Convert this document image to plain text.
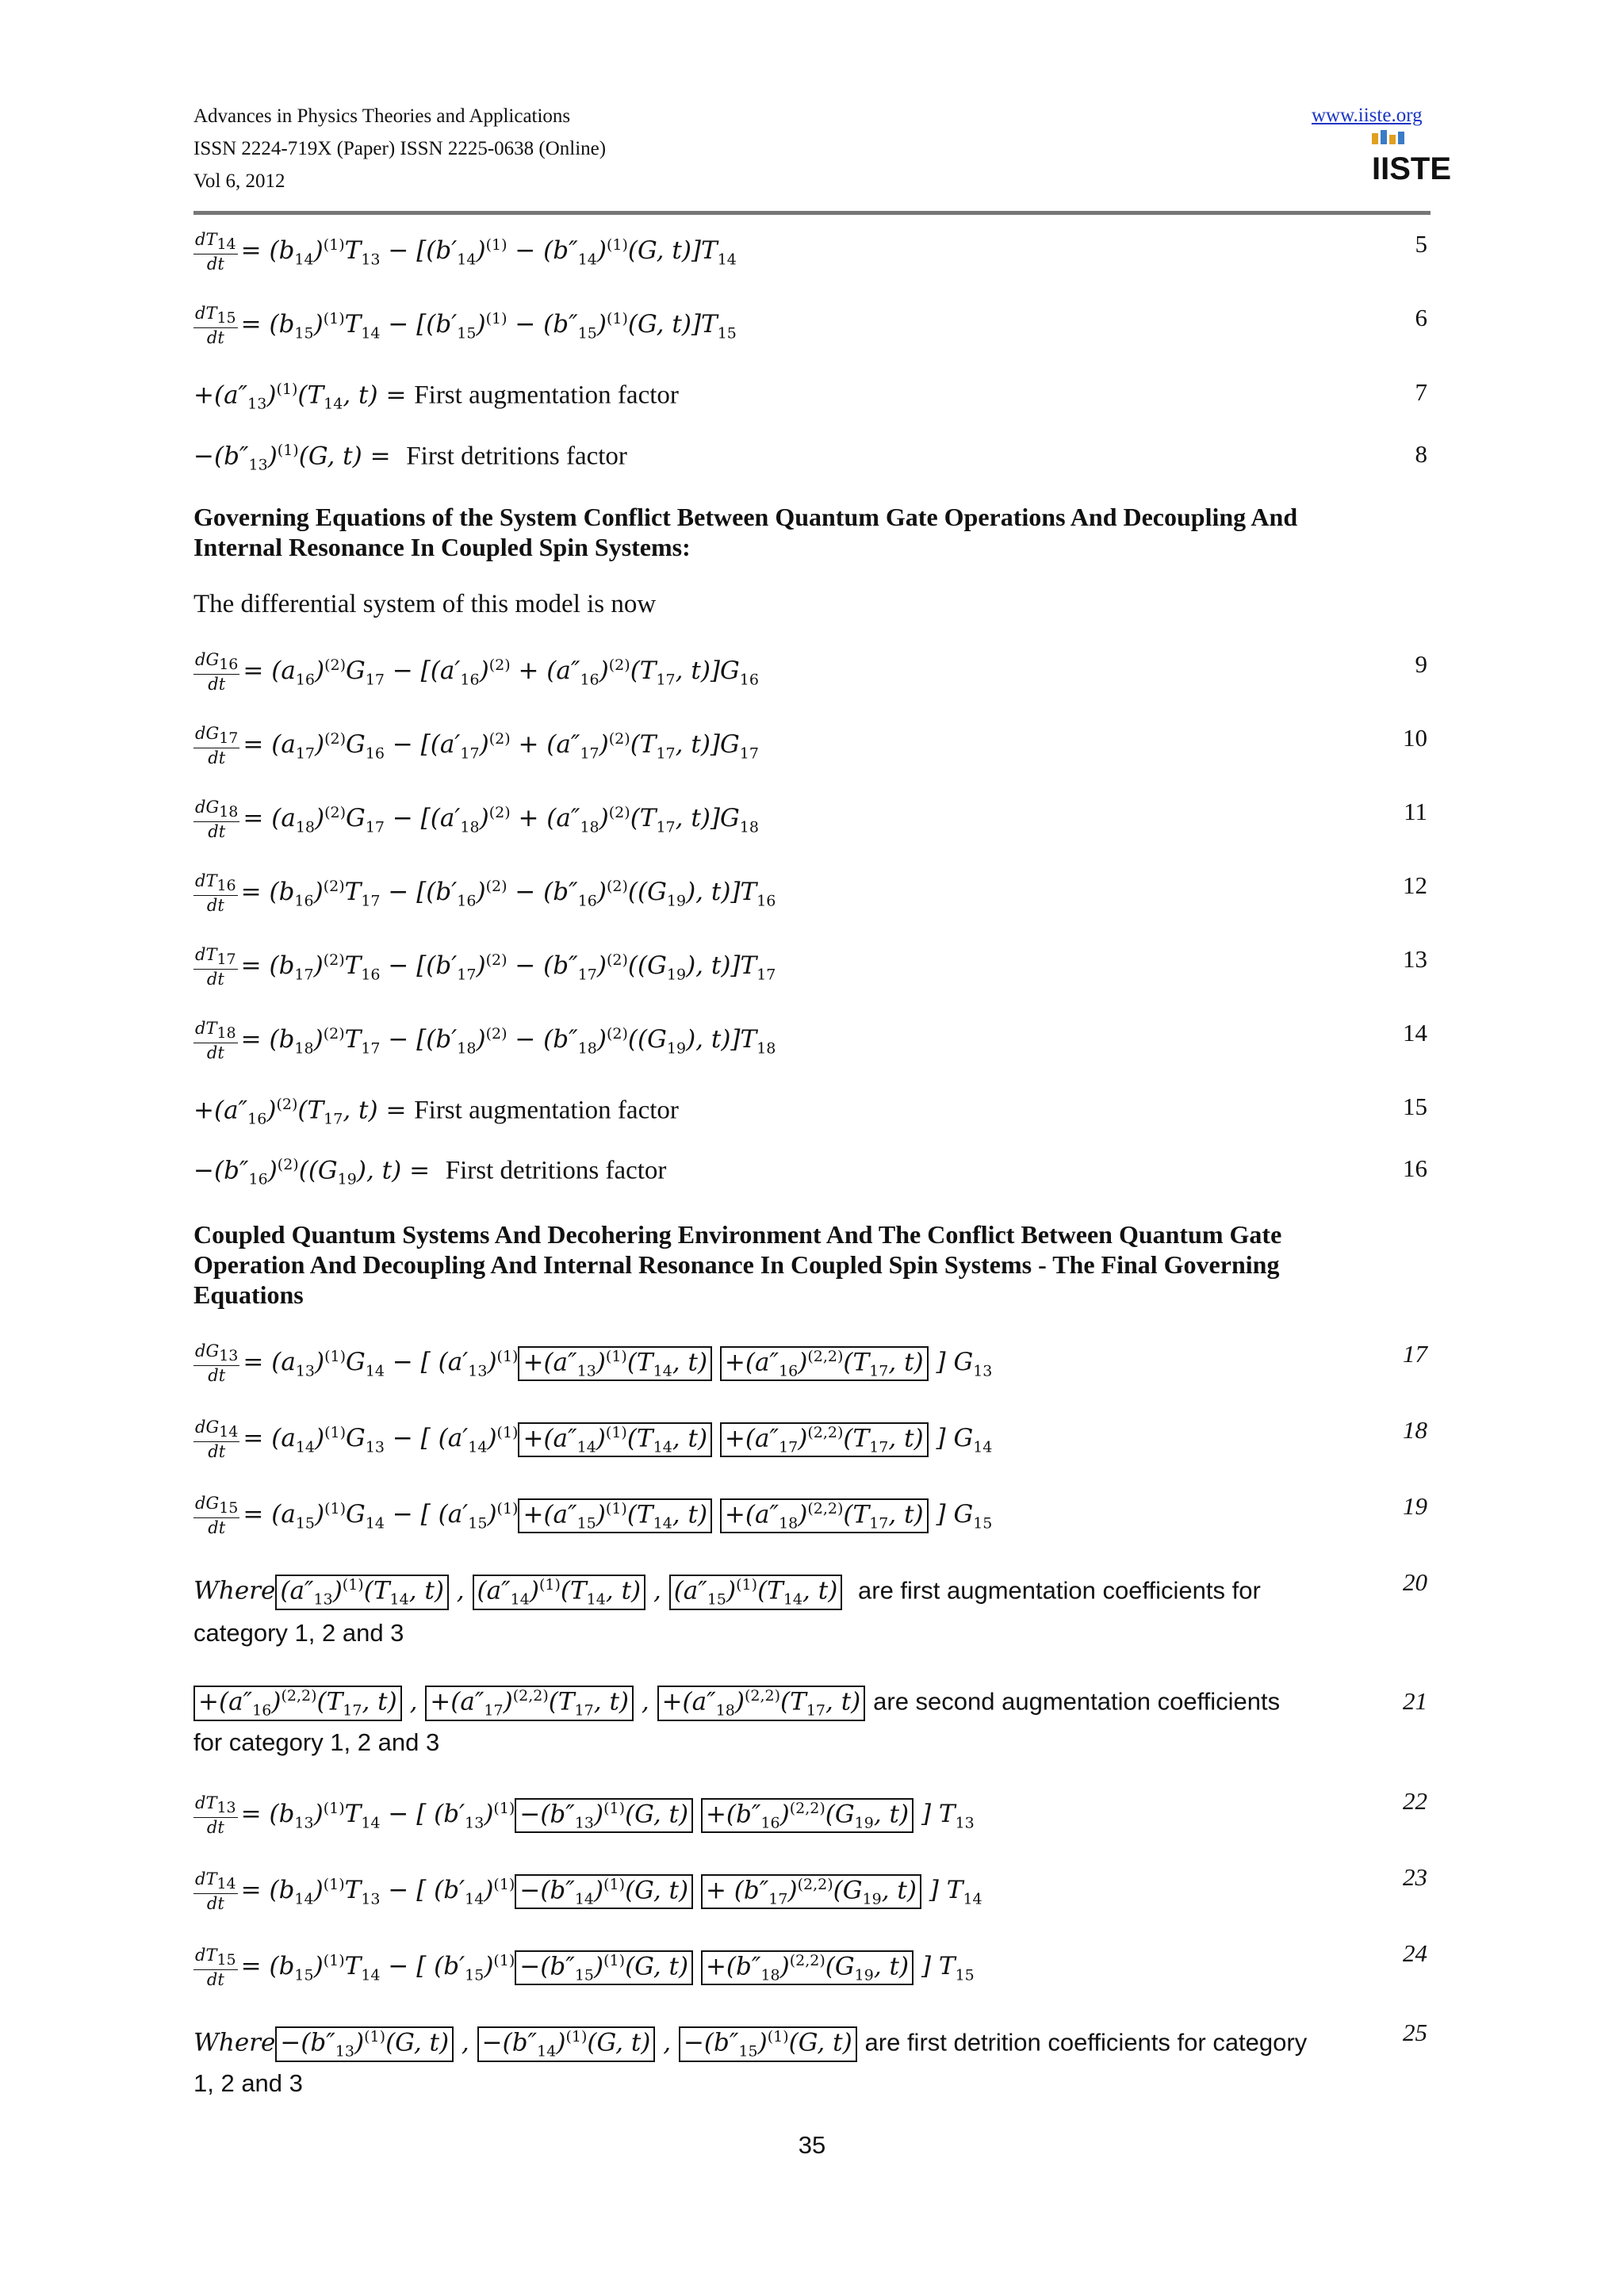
Advances in Physics Theories and Applications
ISSN 2224-719X (Paper) ISSN 2225-0638 (Online)
Vol 6, 2012
www.iiste.org
IISTE
$\frac{dT_{14}}{dt} = (b_{14})^{(1)}T_{13} - [(b'_{14})^{(1)} - (b''_{14})^{(1)}(G$, $t)]T_{14}$
5
$\frac{dT_{15}}{dt} = (b_{15})^{(1)}T_{14} - [(b'_{15})^{(1)} - (b''_{15})^{(1)}(G$, $t)]T_{15}$
6
$+(a''_{13})^{(1)}(T_{14}$, t) = First augmentation factor	7
$-(b''_{13})^{(1)}(G$, t) = First detritions factor	8
Governing Equations of the System Conflict Between Quantum Gate Operations And Decoupling And Internal Resonance In Coupled Spin Systems:
The differential system of this model is now
$\frac{dG_{16}}{dt} = (a_{16})^{(2)}G_{17} - [(a'_{16})^{(2)} + (a''_{16})^{(2)}(T_{17}$, $t)]G_{16}$
9
$\frac{dG_{17}}{dt} = (a_{17})^{(2)}G_{16} - [(a'_{17})^{(2)} + (a''_{17})^{(2)}(T_{17}$, $t)]G_{17}$
10
$\frac{dG_{18}}{dt} = (a_{18})^{(2)}G_{17} - [(a'_{18})^{(2)} + (a''_{18})^{(2)}(T_{17}$, $t)]G_{18}$
11
$\frac{dT_{16}}{dt} = (b_{16})^{(2)}T_{17} - [(b'_{16})^{(2)} - (b''_{16})^{(2)}((G_{19})$, $t)]T_{16}$
12
$\frac{dT_{17}}{dt} = (b_{17})^{(2)}T_{16} - [(b'_{17})^{(2)} - (b''_{17})^{(2)}((G_{19})$, $t)]T_{17}$
13
$\frac{dT_{18}}{dt} = (b_{18})^{(2)}T_{17} - [(b'_{18})^{(2)} - (b''_{18})^{(2)}((G_{19})$, $t)]T_{18}$
14
$+(a''_{16})^{(2)}(T_{17}$, t) = First augmentation factor	15
$-(b''_{16})^{(2)}((G_{19})$, t) = First detritions factor	16
Coupled Quantum Systems And Decohering Environment And The Conflict Between Quantum Gate Operation And Decoupling And Internal Resonance In Coupled Spin Systems - The Final Governing Equations
$\frac{dG_{13}}{dt} = (a_{13})^{(1)}G_{14}$ − [ $(a'_{13})^{(1)} +(a''_{13})^{(1)}(T_{14}$, $t) +(a''_{16})^{(2,2)}(T_{17}$, t) ] $G_{13}$
17
$\frac{dG_{14}}{dt} = (a_{14})^{(1)}G_{13}$ − [ $(a'_{14})^{(1)} +(a''_{14})^{(1)}(T_{14}$, $t) +(a''_{17})^{(2,2)}(T_{17}$, t) ] $G_{14}$
18
$\frac{dG_{15}}{dt} = (a_{15})^{(1)}G_{14}$ − [ $(a'_{15})^{(1)} +(a''_{15})^{(1)}(T_{14}$, $t) +(a''_{18})^{(2,2)}(T_{17}$, t) ] $G_{15}$
19
Where $(a''_{13})^{(1)}(T_{14}$, t) , $(a''_{14})^{(1)}(T_{14}$, t) , $(a''_{15})^{(1)}(T_{14}$, t) are first augmentation coefficients for
category 1, 2 and 3
20
$+(a''_{16})^{(2,2)}(T_{17}$, t) , $+(a''_{17})^{(2,2)}(T_{17}$, t) , $+(a''_{18})^{(2,2)}(T_{17}$, t) are second augmentation coefficients
for category 1, 2 and 3
21
$\frac{dT_{13}}{dt} = (b_{13})^{(1)}T_{14}$ − [ $(b'_{13})^{(1)} -(b''_{13})^{(1)}(G$, $t) +(b''_{16})^{(2,2)}(G_{19}$, t) ] $T_{13}$
22
$\frac{dT_{14}}{dt} = (b_{14})^{(1)}T_{13}$ − [ $(b'_{14})^{(1)} -(b''_{14})^{(1)}(G$, $t) + (b''_{17})^{(2,2)}(G_{19}$, t) ] $T_{14}$
23
$\frac{dT_{15}}{dt} = (b_{15})^{(1)}T_{14}$ − [ $(b'_{15})^{(1)} -(b''_{15})^{(1)}(G$, $t) +(b''_{18})^{(2,2)}(G_{19}$, t) ] $T_{15}$
24
Where $-(b''_{13})^{(1)}(G$, t) , $-(b''_{14})^{(1)}(G$, t) , $-(b''_{15})^{(1)}(G$, t) are first detrition coefficients for category
1, 2 and 3
25
35
